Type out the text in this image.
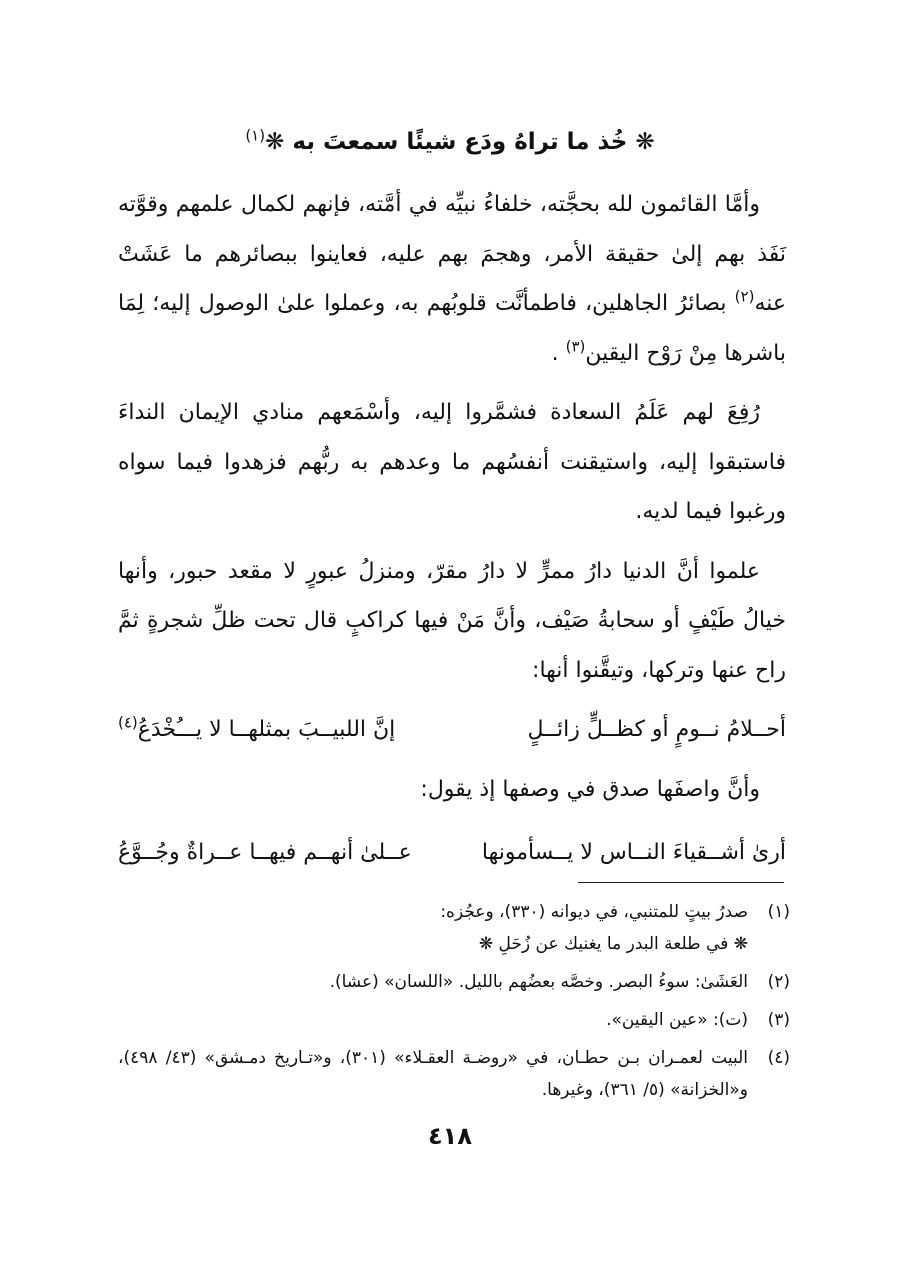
❋ خُذ ما تراهُ ودَع شيئًا سمعتَ به ❋$^{(١)}$

وأمَّا القائمون لله بحجَّته، خلفاءُ نبيِّه في أمَّته، فإنهم لكمال علمهم وقوَّته نَفَذ بهم إلىٰ حقيقة الأمر، وهجمَ بهم عليه، فعاينوا ببصائرهم ما عَشَتْ عنه$^{(٢)}$ بصائرُ الجاهلين، فاطمأنَّت قلوبُهم به، وعملوا علىٰ الوصول إليه؛ لِمَا باشرها مِنْ رَوْح اليقين$^{(٣)}$ .

رُفِعَ لهم عَلَمُ السعادة فشمَّروا إليه، وأسْمَعهم منادي الإيمان النداءَ فاستبقوا إليه، واستيقنت أنفسُهم ما وعدهم به ربُّهم فزهدوا فيما سواه ورغبوا فيما لديه.

علموا أنَّ الدنيا دارُ ممرٍّ لا دارُ مقرّ، ومنزلُ عبورٍ لا مقعد حبور، وأنها خيالُ طَيْفٍ أو سحابةُ صَيْف، وأنَّ مَنْ فيها كراكبٍ قال تحت ظلِّ شجرةٍ ثمَّ راح عنها وتركها، وتيقَّنوا أنها:

أحــلامُ نــومٍ أو كظــلٍّ زائــلٍ
إنَّ اللبيــبَ بمثلهــا لا يـــُخْدَعُ$^{(٤)}$

وأنَّ واصفَها صدق في وصفها إذ يقول:

أرىٰ أشــقياءَ النــاس لا يــسأمونها
عــلىٰ أنهــم فيهــا عــراةٌ وجُــوَّعُ
(١)
صدرُ بيتٍ للمتنبي، في ديوانه (٣٣٠)، وعجُزه:
❋ في طلعة البدر ما يغنيك عن زُحَلِ ❋
(٢)
العَشَىٰ: سوءُ البصر. وخصَّه بعضُهم بالليل. «اللسان» (عشا).
(٣)
(ت): «عين اليقين».
(٤)
البيت لعمـران بـن حطـان، في «روضـة العقـلاء» (٣٠١)، و«تـاريخ دمـشق» (٤٣/ ٤٩٨)، و«الخزانة» (٥/ ٣٦١)، وغيرها.
٤١٨
